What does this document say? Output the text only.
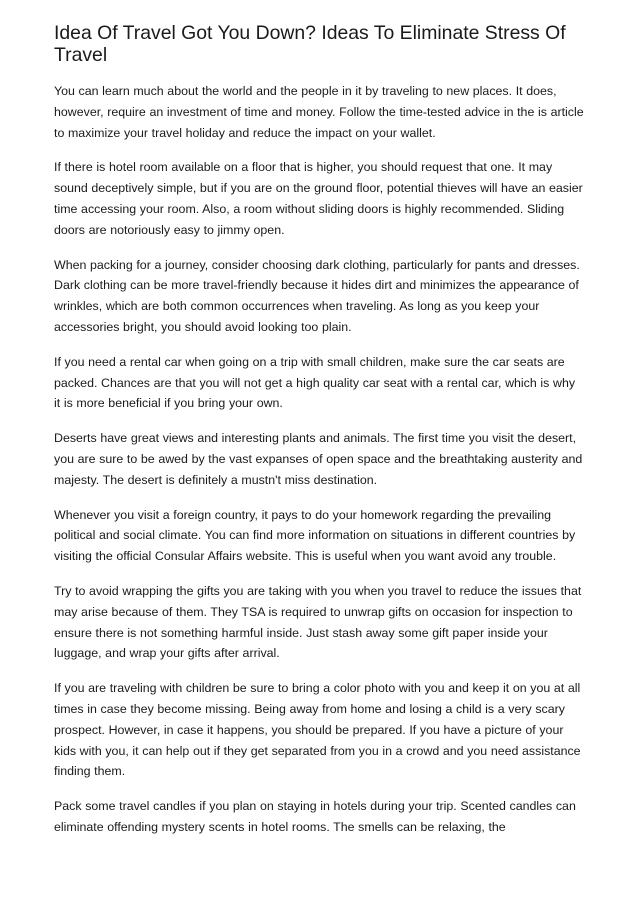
Idea Of Travel Got You Down? Ideas To Eliminate Stress Of Travel

You can learn much about the world and the people in it by traveling to new places. It does, however, require an investment of time and money. Follow the time-tested advice in the is article to maximize your travel holiday and reduce the impact on your wallet.

If there is hotel room available on a floor that is higher, you should request that one. It may sound deceptively simple, but if you are on the ground floor, potential thieves will have an easier time accessing your room. Also, a room without sliding doors is highly recommended. Sliding doors are notoriously easy to jimmy open.

When packing for a journey, consider choosing dark clothing, particularly for pants and dresses. Dark clothing can be more travel-friendly because it hides dirt and minimizes the appearance of wrinkles, which are both common occurrences when traveling. As long as you keep your accessories bright, you should avoid looking too plain.

If you need a rental car when going on a trip with small children, make sure the car seats are packed. Chances are that you will not get a high quality car seat with a rental car, which is why it is more beneficial if you bring your own.

Deserts have great views and interesting plants and animals. The first time you visit the desert, you are sure to be awed by the vast expanses of open space and the breathtaking austerity and majesty. The desert is definitely a mustn't miss destination.

Whenever you visit a foreign country, it pays to do your homework regarding the prevailing political and social climate. You can find more information on situations in different countries by visiting the official Consular Affairs website. This is useful when you want avoid any trouble.

Try to avoid wrapping the gifts you are taking with you when you travel to reduce the issues that may arise because of them. They TSA is required to unwrap gifts on occasion for inspection to ensure there is not something harmful inside. Just stash away some gift paper inside your luggage, and wrap your gifts after arrival.

If you are traveling with children be sure to bring a color photo with you and keep it on you at all times in case they become missing. Being away from home and losing a child is a very scary prospect. However, in case it happens, you should be prepared. If you have a picture of your kids with you, it can help out if they get separated from you in a crowd and you need assistance finding them.

Pack some travel candles if you plan on staying in hotels during your trip. Scented candles can eliminate offending mystery scents in hotel rooms. The smells can be relaxing, the
